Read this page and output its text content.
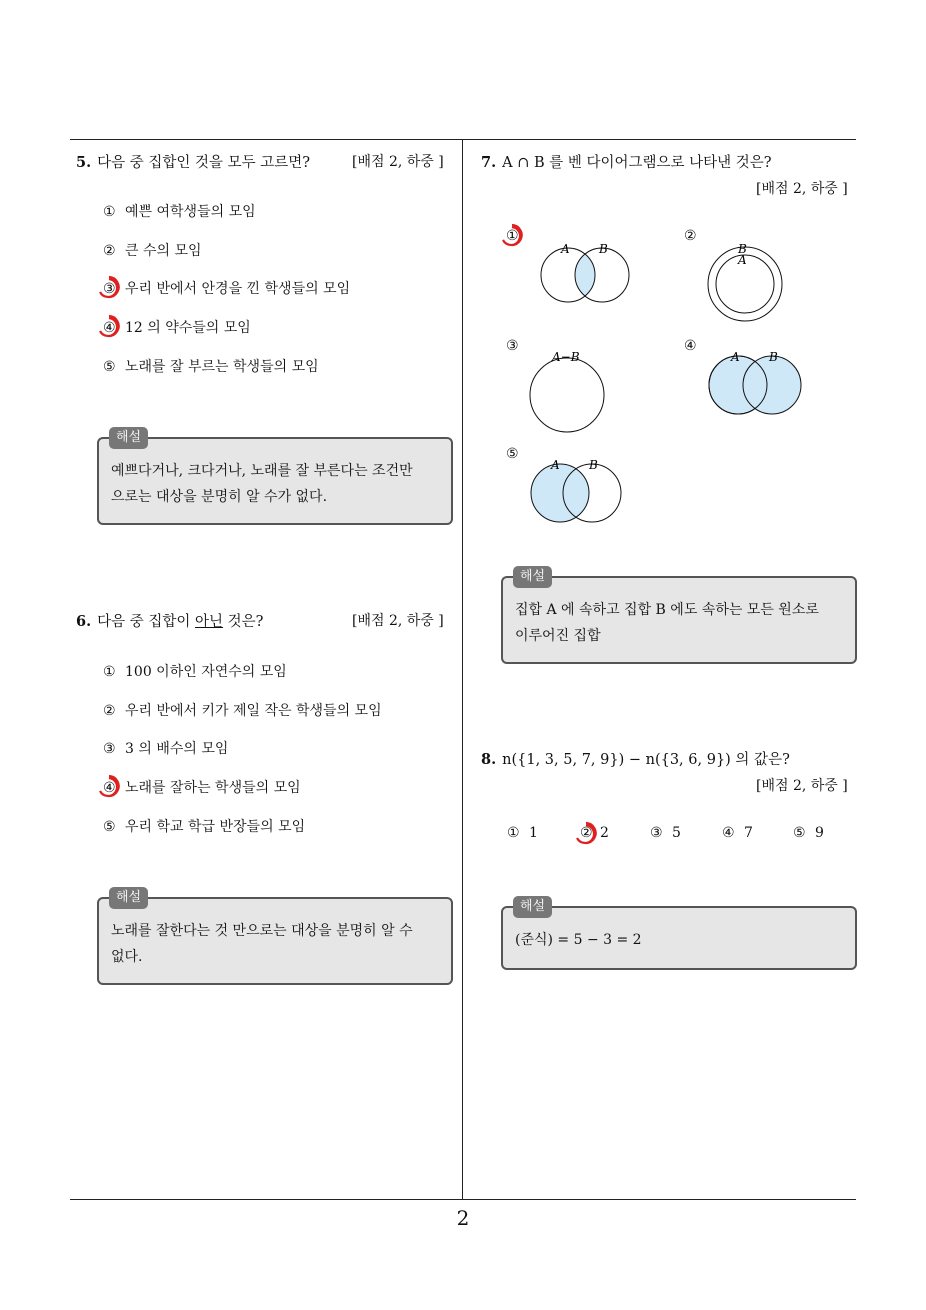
2
5. 다음 중 집합인 것을 모두 고르면?	[배점 2, 하중 ]
① 예쁜 여학생들의 모임
② 큰 수의 모임
③ 우리 반에서 안경을 낀 학생들의 모임
④ 12 의 약수들의 모임
⑤ 노래를 잘 부르는 학생들의 모임
해설
예쁘다거나, 크다거나, 노래를 잘 부른다는 조건만
으로는 대상을 분명히 알 수가 없다.
6. 다음 중 집합이 아닌 것은?	[배점 2, 하중 ]
① 100 이하인 자연수의 모임
② 우리 반에서 키가 제일 작은 학생들의 모임
③ 3 의 배수의 모임
④ 노래를 잘하는 학생들의 모임
⑤ 우리 학교 학급 반장들의 모임
해설
노래를 잘한다는 것 만으로는 대상을 분명히 알 수
없다.
7. A ∩ B 를 벤 다이어그램으로 나타낸 것은?
[배점 2, 하중 ]
①	②
③	④
⑤
A B	B
A
A−B	A B
A B
해설
집합 A 에 속하고 집합 B 에도 속하는 모든 원소로
이루어진 집합
8. n({1, 3, 5, 7, 9}) − n({3, 6, 9}) 의 값은?
[배점 2, 하중 ]
① 1	② 2	③ 5	④ 7	⑤ 9
해설
(준식) = 5 − 3 = 2
